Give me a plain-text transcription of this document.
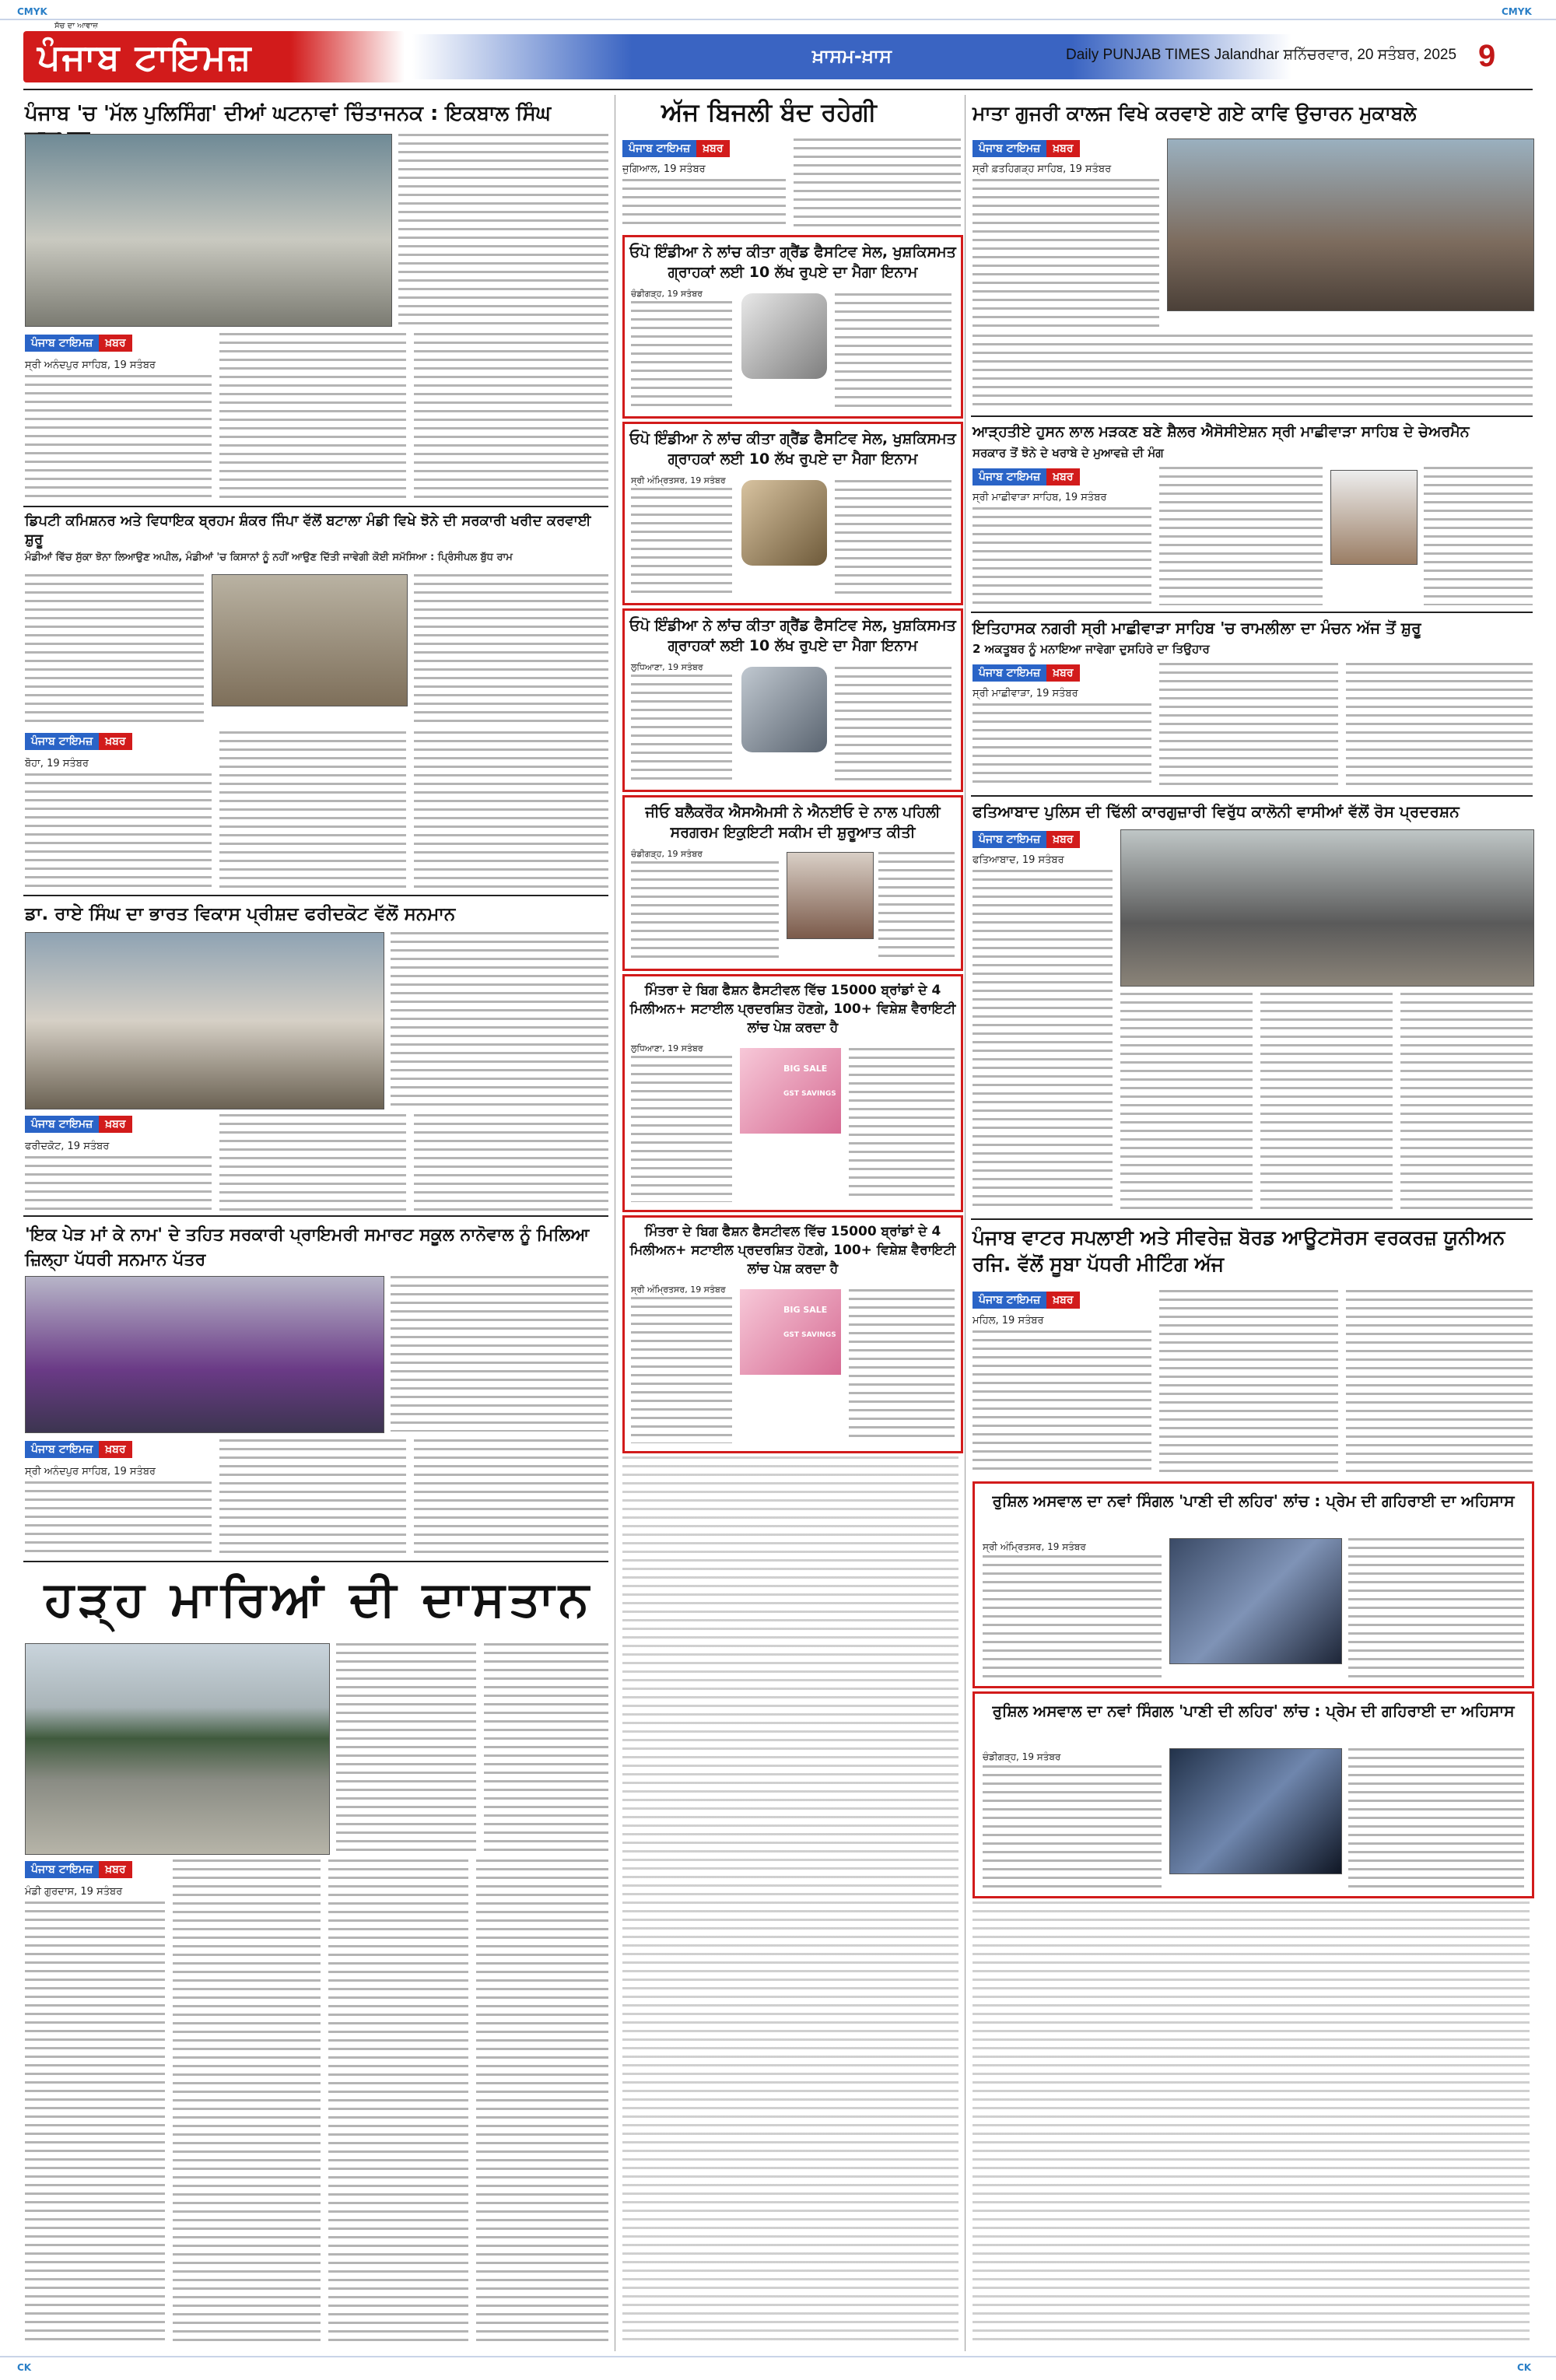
CMYK	CMYK
ਸੱਚ ਦਾ ਆਵਾਜ਼
ਪੰਜਾਬ ਟਾਇਮਜ਼	ਖ਼ਾਸਮ-ਖ਼ਾਸ	Daily PUNJAB TIMES Jalandhar ਸ਼ਨਿੱਚਰਵਾਰ, 20 ਸਤੰਬਰ, 2025 9
ਪੰਜਾਬ 'ਚ 'ਮੱਲ ਪੁਲਿਸਿੰਗ' ਦੀਆਂ ਘਟਨਾਵਾਂ ਚਿੰਤਾਜਨਕ : ਇਕਬਾਲ ਸਿੰਘ
ਪੰਜਾਬ ਟਾਇਮਜ਼	ਖ਼ਬਰ
ਸ੍ਰੀ ਅਨੰਦਪੁਰ ਸਾਹਿਬ, 19 ਸਤੰਬਰ
ਡਿਪਟੀ ਕਮਿਸ਼ਨਰ ਅਤੇ ਵਿਧਾਇਕ ਬ੍ਰਹਮ ਸ਼ੰਕਰ ਜਿੰਪਾ ਵੱਲੋਂ ਬਟਾਲਾ ਮੰਡੀ ਵਿਖੇ ਝੋਨੇ ਦੀ ਸਰਕਾਰੀ ਖਰੀਦ ਕਰਵਾਈ ਸ਼ੁਰੂ
ਮੰਡੀਆਂ ਵਿੱਚ ਸੁੱਕਾ ਝੋਨਾ ਲਿਆਉਣ ਅਪੀਲ, ਮੰਡੀਆਂ 'ਚ ਕਿਸਾਨਾਂ ਨੂੰ ਨਹੀਂ ਆਉਣ ਦਿੱਤੀ ਜਾਵੇਗੀ ਕੋਈ ਸਮੱਸਿਆ : ਪ੍ਰਿੰਸੀਪਲ ਬੁੱਧ ਰਾਮ
ਪੰਜਾਬ ਟਾਇਮਜ਼	ਖ਼ਬਰ
ਬੋਹਾ, 19 ਸਤੰਬਰ
ਡਾ. ਰਾਏ ਸਿੰਘ ਦਾ ਭਾਰਤ ਵਿਕਾਸ ਪ੍ਰੀਸ਼ਦ ਫਰੀਦਕੋਟ ਵੱਲੋਂ ਸਨਮਾਨ
ਪੰਜਾਬ ਟਾਇਮਜ਼	ਖ਼ਬਰ
ਫਰੀਦਕੋਟ, 19 ਸਤੰਬਰ
'ਇਕ ਪੇੜ ਮਾਂ ਕੇ ਨਾਮ' ਦੇ ਤਹਿਤ ਸਰਕਾਰੀ ਪ੍ਰਾਇਮਰੀ ਸਮਾਰਟ ਸਕੂਲ ਨਾਨੋਵਾਲ ਨੂੰ ਮਿਲਿਆ ਜ਼ਿਲ੍ਹਾ ਪੱਧਰੀ ਸਨਮਾਨ ਪੱਤਰ
ਪੰਜਾਬ ਟਾਇਮਜ਼	ਖ਼ਬਰ
ਸ੍ਰੀ ਅਨੰਦਪੁਰ ਸਾਹਿਬ, 19 ਸਤੰਬਰ
ਹੜ੍ਹ ਮਾਰਿਆਂ ਦੀ ਦਾਸਤਾਨ
ਪੰਜਾਬ ਟਾਇਮਜ਼	ਖ਼ਬਰ
ਮੰਡੀ ਗੁਰਦਾਸ, 19 ਸਤੰਬਰ
ਅੱਜ ਬਿਜਲੀ ਬੰਦ ਰਹੇਗੀ
ਪੰਜਾਬ ਟਾਇਮਜ਼	ਖ਼ਬਰ
ਜੁਗਿਆਲ, 19 ਸਤੰਬਰ
ਓਪੋ ਇੰਡੀਆ ਨੇ ਲਾਂਚ ਕੀਤਾ ਗ੍ਰੈਂਡ ਫੈਸਟਿਵ ਸੇਲ, ਖੁਸ਼ਕਿਸਮਤ ਗ੍ਰਾਹਕਾਂ ਲਈ 10 ਲੱਖ ਰੁਪਏ ਦਾ ਮੈਗਾ ਇਨਾਮ
ਚੰਡੀਗੜ੍ਹ, 19 ਸਤੰਬਰ
ਓਪੋ ਇੰਡੀਆ ਨੇ ਲਾਂਚ ਕੀਤਾ ਗ੍ਰੈਂਡ ਫੈਸਟਿਵ ਸੇਲ, ਖੁਸ਼ਕਿਸਮਤ ਗ੍ਰਾਹਕਾਂ ਲਈ 10 ਲੱਖ ਰੁਪਏ ਦਾ ਮੈਗਾ ਇਨਾਮ
ਸ੍ਰੀ ਅੰਮ੍ਰਿਤਸਰ, 19 ਸਤੰਬਰ
ਓਪੋ ਇੰਡੀਆ ਨੇ ਲਾਂਚ ਕੀਤਾ ਗ੍ਰੈਂਡ ਫੈਸਟਿਵ ਸੇਲ, ਖੁਸ਼ਕਿਸਮਤ ਗ੍ਰਾਹਕਾਂ ਲਈ 10 ਲੱਖ ਰੁਪਏ ਦਾ ਮੈਗਾ ਇਨਾਮ
ਲੁਧਿਆਣਾ, 19 ਸਤੰਬਰ
ਜੀਓ ਬਲੈਕਰੌਕ ਐਸਐਮਸੀ ਨੇ ਐਨਈਓ ਦੇ ਨਾਲ ਪਹਿਲੀ ਸਰਗਰਮ ਇਕੁਇਟੀ ਸਕੀਮ ਦੀ ਸ਼ੁਰੂਆਤ ਕੀਤੀ
ਚੰਡੀਗੜ੍ਹ, 19 ਸਤੰਬਰ
ਮਿੰਤਰਾ ਦੇ ਬਿਗ ਫੈਸ਼ਨ ਫੈਸਟੀਵਲ ਵਿੱਚ 15000 ਬ੍ਰਾਂਡਾਂ ਦੇ 4 ਮਿਲੀਅਨ+ ਸਟਾਈਲ ਪ੍ਰਦਰਸ਼ਿਤ ਹੋਣਗੇ, 100+ ਵਿਸ਼ੇਸ਼ ਵੈਰਾਇਟੀ ਲਾਂਚ ਪੇਸ਼ ਕਰਦਾ ਹੈ
ਲੁਧਿਆਣਾ, 19 ਸਤੰਬਰ
BIG SALE
GST SAVINGS
ਮਿੰਤਰਾ ਦੇ ਬਿਗ ਫੈਸ਼ਨ ਫੈਸਟੀਵਲ ਵਿੱਚ 15000 ਬ੍ਰਾਂਡਾਂ ਦੇ 4 ਮਿਲੀਅਨ+ ਸਟਾਈਲ ਪ੍ਰਦਰਸ਼ਿਤ ਹੋਣਗੇ, 100+ ਵਿਸ਼ੇਸ਼ ਵੈਰਾਇਟੀ ਲਾਂਚ ਪੇਸ਼ ਕਰਦਾ ਹੈ
ਸ੍ਰੀ ਅੰਮ੍ਰਿਤਸਰ, 19 ਸਤੰਬਰ
BIG SALE
GST SAVINGS
ਮਾਤਾ ਗੁਜਰੀ ਕਾਲਜ ਵਿਖੇ ਕਰਵਾਏ ਗਏ ਕਾਵਿ ਉਚਾਰਨ ਮੁਕਾਬਲੇ
ਪੰਜਾਬ ਟਾਇਮਜ਼	ਖ਼ਬਰ
ਸ੍ਰੀ ਫ਼ਤਹਿਗੜ੍ਹ ਸਾਹਿਬ, 19 ਸਤੰਬਰ
ਆੜ੍ਹਤੀਏ ਹੁਸਨ ਲਾਲ ਮੜਕਣ ਬਣੇ ਸ਼ੈਲਰ ਐਸੋਸੀਏਸ਼ਨ ਸ੍ਰੀ ਮਾਛੀਵਾੜਾ ਸਾਹਿਬ ਦੇ ਚੇਅਰਮੈਨ
ਸਰਕਾਰ ਤੋਂ ਝੋਨੇ ਦੇ ਖਰਾਬੇ ਦੇ ਮੁਆਵਜ਼ੇ ਦੀ ਮੰਗ
ਪੰਜਾਬ ਟਾਇਮਜ਼	ਖ਼ਬਰ
ਸ੍ਰੀ ਮਾਛੀਵਾੜਾ ਸਾਹਿਬ, 19 ਸਤੰਬਰ
ਇਤਿਹਾਸਕ ਨਗਰੀ ਸ੍ਰੀ ਮਾਛੀਵਾੜਾ ਸਾਹਿਬ 'ਚ ਰਾਮਲੀਲਾ ਦਾ ਮੰਚਨ ਅੱਜ ਤੋਂ ਸ਼ੁਰੂ
2 ਅਕਤੂਬਰ ਨੂੰ ਮਨਾਇਆ ਜਾਵੇਗਾ ਦੁਸਹਿਰੇ ਦਾ ਤਿਉਹਾਰ
ਪੰਜਾਬ ਟਾਇਮਜ਼	ਖ਼ਬਰ
ਸ੍ਰੀ ਮਾਛੀਵਾੜਾ, 19 ਸਤੰਬਰ
ਫਤਿਆਬਾਦ ਪੁਲਿਸ ਦੀ ਢਿੱਲੀ ਕਾਰਗੁਜ਼ਾਰੀ ਵਿਰੁੱਧ ਕਾਲੋਨੀ ਵਾਸੀਆਂ ਵੱਲੋਂ ਰੋਸ ਪ੍ਰਦਰਸ਼ਨ
ਪੰਜਾਬ ਟਾਇਮਜ਼	ਖ਼ਬਰ
ਫਤਿਆਬਾਦ, 19 ਸਤੰਬਰ
ਪੰਜਾਬ ਵਾਟਰ ਸਪਲਾਈ ਅਤੇ ਸੀਵਰੇਜ਼ ਬੋਰਡ ਆਊਟਸੋਰਸ ਵਰਕਰਜ਼ ਯੂਨੀਅਨ ਰਜਿ. ਵੱਲੋਂ ਸੂਬਾ ਪੱਧਰੀ ਮੀਟਿੰਗ ਅੱਜ
ਪੰਜਾਬ ਟਾਇਮਜ਼	ਖ਼ਬਰ
ਮਹਿਲ, 19 ਸਤੰਬਰ
ਰੁਸ਼ਿਲ ਅਸਵਾਲ ਦਾ ਨਵਾਂ ਸਿੰਗਲ 'ਪਾਣੀ ਦੀ ਲਹਿਰ' ਲਾਂਚ : ਪ੍ਰੇਮ ਦੀ ਗਹਿਰਾਈ ਦਾ ਅਹਿਸਾਸ
ਸ੍ਰੀ ਅੰਮ੍ਰਿਤਸਰ, 19 ਸਤੰਬਰ
ਰੁਸ਼ਿਲ ਅਸਵਾਲ ਦਾ ਨਵਾਂ ਸਿੰਗਲ 'ਪਾਣੀ ਦੀ ਲਹਿਰ' ਲਾਂਚ : ਪ੍ਰੇਮ ਦੀ ਗਹਿਰਾਈ ਦਾ ਅਹਿਸਾਸ
ਚੰਡੀਗੜ੍ਹ, 19 ਸਤੰਬਰ
CK	CK
